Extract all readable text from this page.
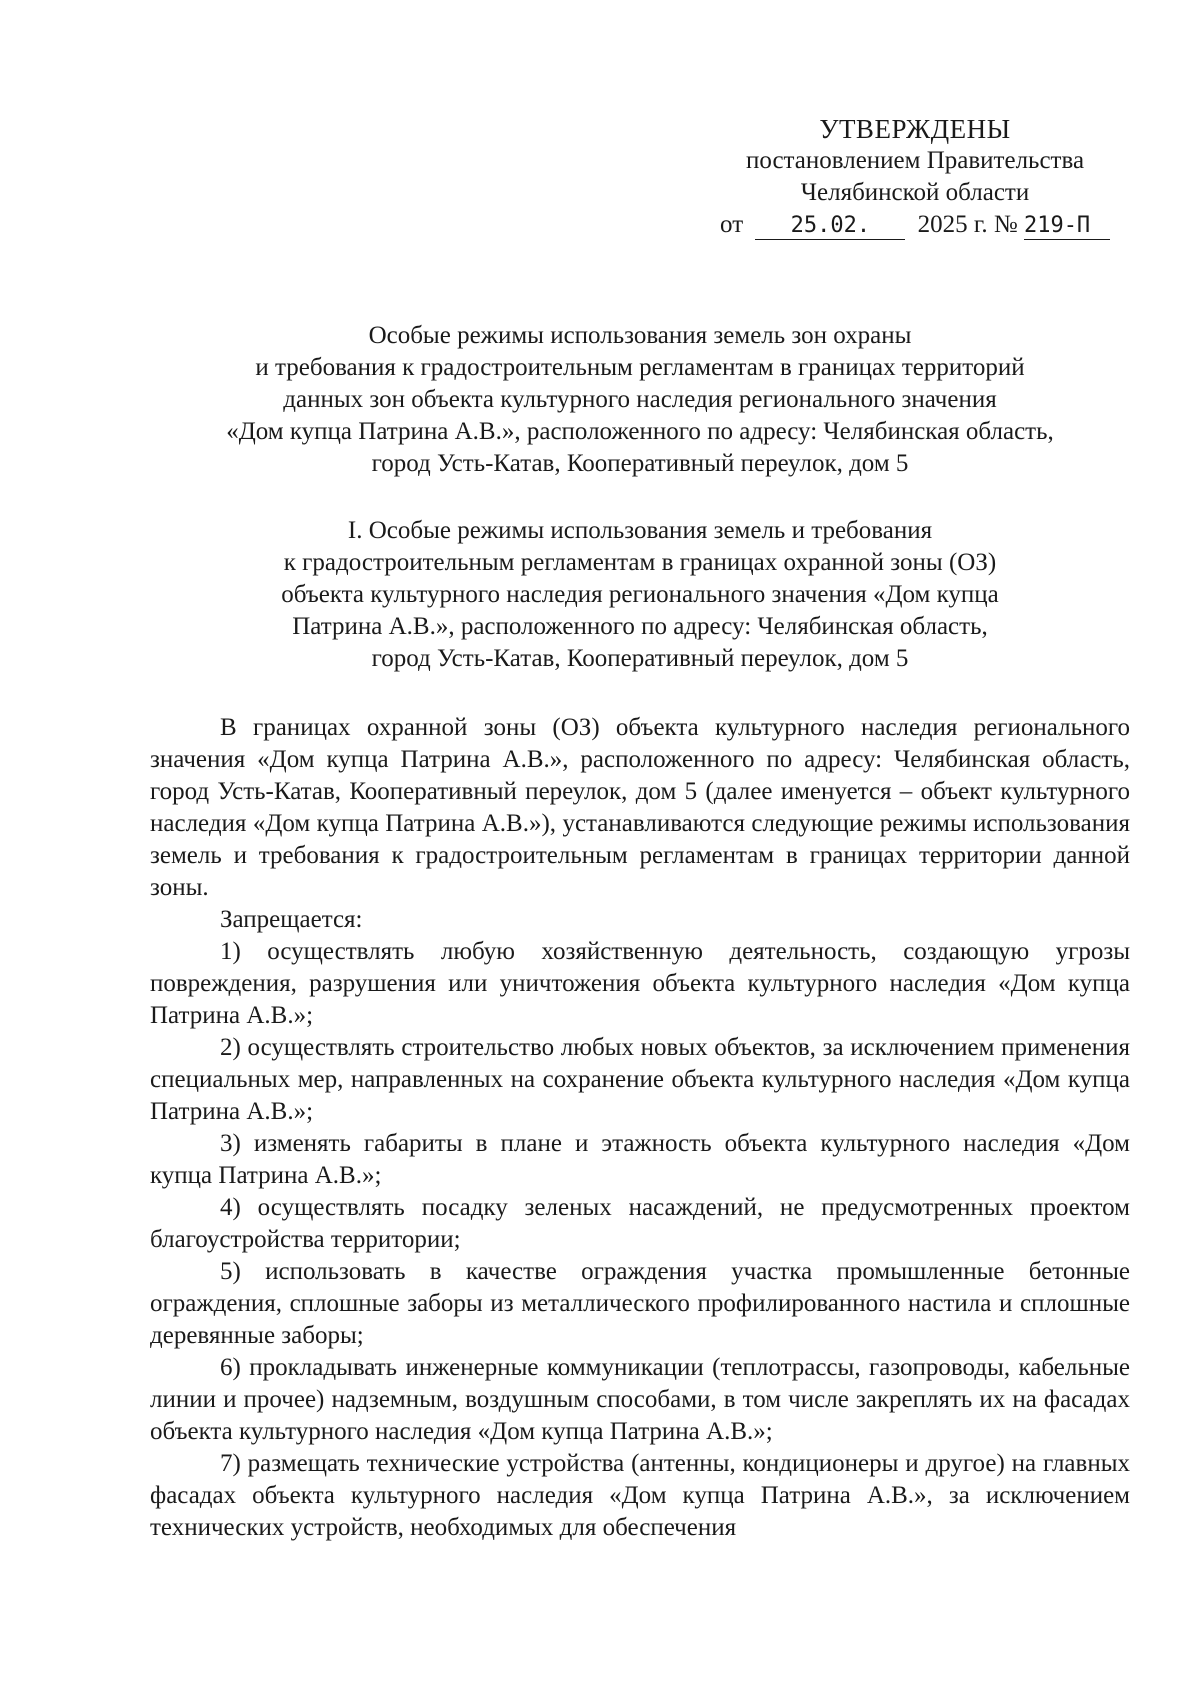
УТВЕРЖДЕНЫ
постановлением Правительства
Челябинской области
от 25.02. 2025 г. № 219-П
Особые режимы использования земель зон охраны
и требования к градостроительным регламентам в границах территорий
данных зон объекта культурного наследия регионального значения
«Дом купца Патрина А.В.», расположенного по адресу: Челябинская область,
город Усть-Катав, Кооперативный переулок, дом 5
I. Особые режимы использования земель и требования
к градостроительным регламентам в границах охранной зоны (ОЗ)
объекта культурного наследия регионального значения «Дом купца
Патрина А.В.», расположенного по адресу: Челябинская область,
город Усть-Катав, Кооперативный переулок, дом 5

В границах охранной зоны (ОЗ) объекта культурного наследия регионального значения «Дом купца Патрина А.В.», расположенного по адресу: Челябинская область, город Усть-Катав, Кооперативный переулок, дом 5 (далее именуется – объект культурного наследия «Дом купца Патрина А.В.»), устанавливаются следующие режимы использования земель и требования к градостроительным регламентам в границах территории данной зоны.

Запрещается:

1) осуществлять любую хозяйственную деятельность, создающую угрозы повреждения, разрушения или уничтожения объекта культурного наследия «Дом купца Патрина А.В.»;

2) осуществлять строительство любых новых объектов, за исключением применения специальных мер, направленных на сохранение объекта культурного наследия «Дом купца Патрина А.В.»;

3) изменять габариты в плане и этажность объекта культурного наследия «Дом купца Патрина А.В.»;

4) осуществлять посадку зеленых насаждений, не предусмотренных проектом благоустройства территории;

5) использовать в качестве ограждения участка промышленные бетонные ограждения, сплошные заборы из металлического профилированного настила и сплошные деревянные заборы;

6) прокладывать инженерные коммуникации (теплотрассы, газопроводы, кабельные линии и прочее) надземным, воздушным способами, в том числе закреплять их на фасадах объекта культурного наследия «Дом купца Патрина А.В.»;

7) размещать технические устройства (антенны, кондиционеры и другое) на главных фасадах объекта культурного наследия «Дом купца Патрина А.В.», за исключением технических устройств, необходимых для обеспечения
